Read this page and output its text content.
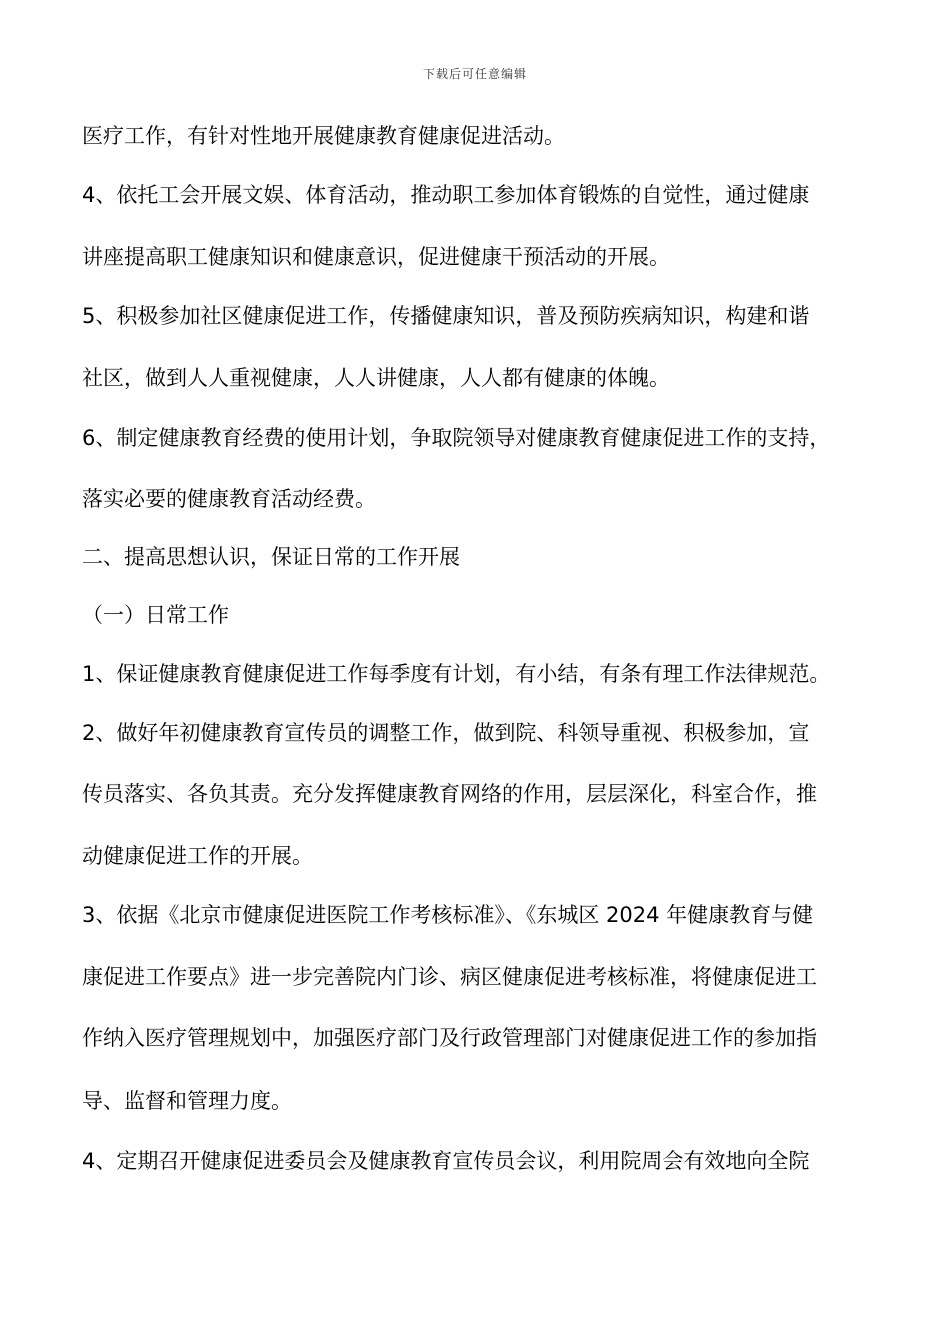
下载后可任意编辑
医疗工作，有针对性地开展健康教育健康促进活动。
4、依托工会开展文娱、体育活动，推动职工参加体育锻炼的自觉性，通过健康
讲座提高职工健康知识和健康意识，促进健康干预活动的开展。
5、积极参加社区健康促进工作，传播健康知识，普及预防疾病知识，构建和谐
社区，做到人人重视健康，人人讲健康，人人都有健康的体魄。
6、制定健康教育经费的使用计划，争取院领导对健康教育健康促进工作的支持，
落实必要的健康教育活动经费。
二、提高思想认识，保证日常的工作开展
（一）日常工作
1、保证健康教育健康促进工作每季度有计划，有小结，有条有理工作法律规范。
2、做好年初健康教育宣传员的调整工作，做到院、科领导重视、积极参加，宣
传员落实、各负其责。充分发挥健康教育网络的作用，层层深化，科室合作，推
动健康促进工作的开展。
3、依据《北京市健康促进医院工作考核标准》、《东城区 2024 年健康教育与健
康促进工作要点》进一步完善院内门诊、病区健康促进考核标准，将健康促进工
作纳入医疗管理规划中，加强医疗部门及行政管理部门对健康促进工作的参加指
导、监督和管理力度。
4、定期召开健康促进委员会及健康教育宣传员会议，利用院周会有效地向全院
